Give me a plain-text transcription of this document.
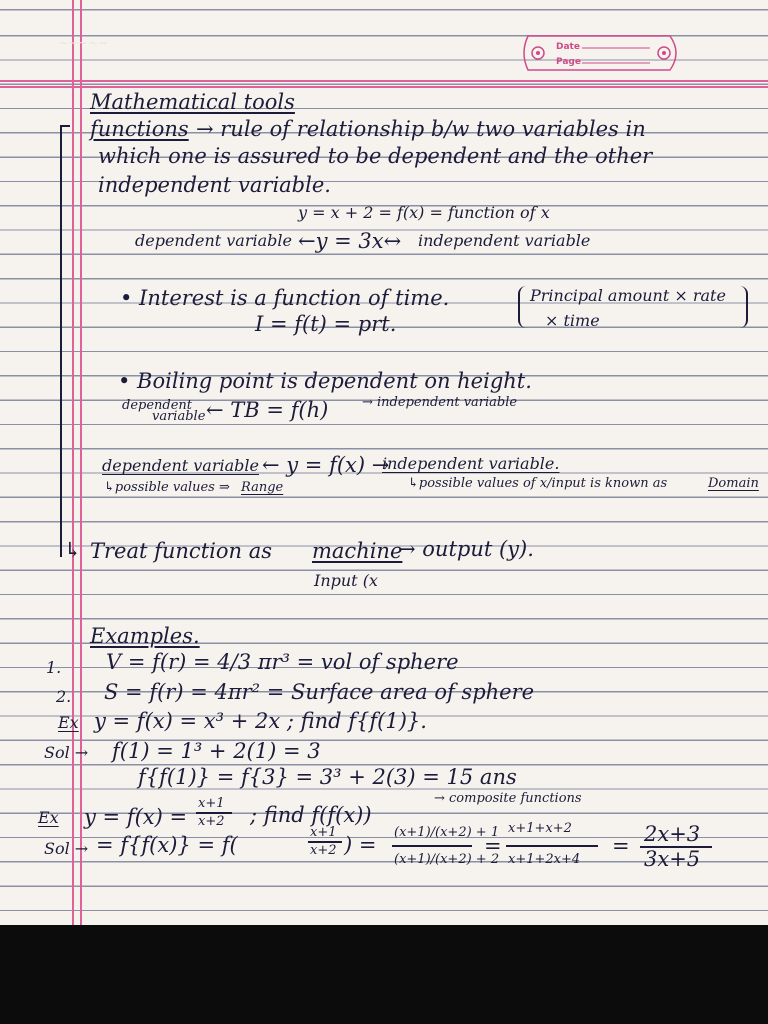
~~~~~	Date
Page
Mathematical tools
functions → rule of relationship b/w two variables in
which one is assured to be dependent and the other
independent variable.
y = x + 2 = f(x) = function of x
dependent variable ←y = 3x↔ independent variable
• Interest is a function of time.	Principal amount × rate
× time
I = f(t) = prt.
• Boiling point is dependent on height.
dependent
variable ← TB = f(h)	→ independent variable
dependent variable ← y = f(x) →
independent variable.
↳possible values ⇒ Range	↳possible values of x/input is known as	Domain
↳ Treat function as machine
→ output (y).
Input (x
Examples.
1. V = f(r) = 4/3 πr³ = vol of sphere
2. S = f(r) = 4πr² = Surface area of sphere
Ex y = f(x) = x³ + 2x ; find f{f(1)}.
Sol → f(1) = 1³ + 2(1) = 3
f{f(1)} = f{3} = 3³ + 2(3) = 15 ans
Ex y = f(x) =
x+1
x+2 ; find f(f(x))
→ composite functions
Sol → = f{f(x)} = f(
x+1
x+2 ) =
(x+1)/(x+2) + 1
(x+1)/(x+2) + 2
=
x+1+x+2
x+1+2x+4
= 2x+3
3x+5
